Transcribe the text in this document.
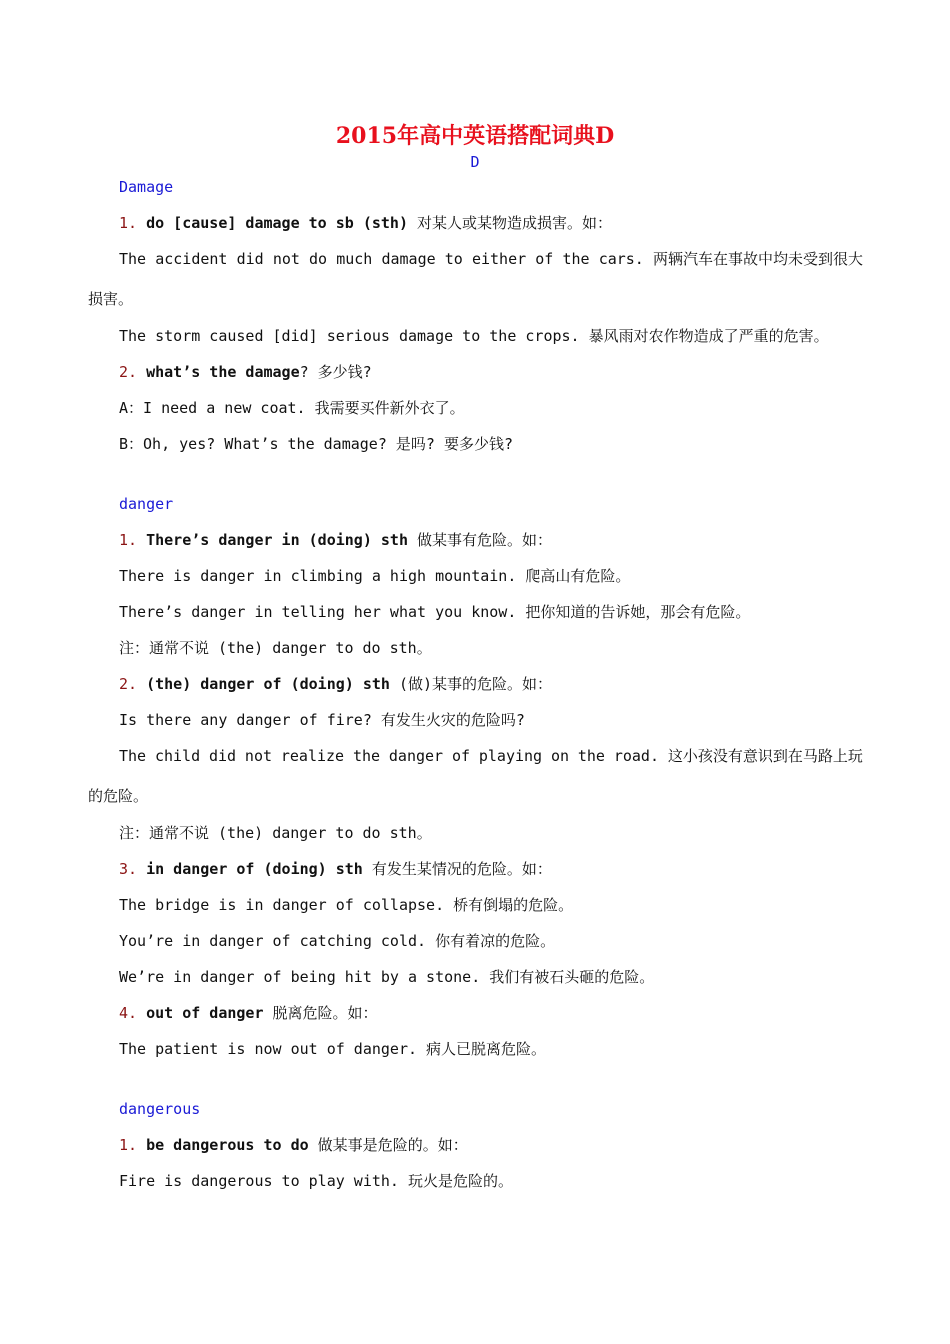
2015年高中英语搭配词典D
D
Damage
1. do [cause] damage to sb (sth) 对某人或某物造成损害。如：
The accident did not do much damage to either of the cars. 两辆汽车在事故中均未受到很大
损害。
The storm caused [did] serious damage to the crops. 暴风雨对农作物造成了严重的危害。
2. what’s the damage? 多少钱?
A：I need a new coat. 我需要买件新外衣了。
B：Oh, yes? What’s the damage? 是吗? 要多少钱?
danger
1. There’s danger in (doing) sth 做某事有危险。如：
There is danger in climbing a high mountain. 爬高山有危险。
There’s danger in telling her what you know. 把你知道的告诉她，那会有危险。
注：通常不说 (the) danger to do sth。
2. (the) danger of (doing) sth (做)某事的危险。如：
Is there any danger of fire? 有发生火灾的危险吗?
The child did not realize the danger of playing on the road. 这小孩没有意识到在马路上玩
的危险。
注：通常不说 (the) danger to do sth。
3. in danger of (doing) sth 有发生某情况的危险。如：
The bridge is in danger of collapse. 桥有倒塌的危险。
You’re in danger of catching cold. 你有着凉的危险。
We’re in danger of being hit by a stone. 我们有被石头砸的危险。
4. out of danger 脱离危险。如：
The patient is now out of danger. 病人已脱离危险。
dangerous
1. be dangerous to do 做某事是危险的。如：
Fire is dangerous to play with. 玩火是危险的。
